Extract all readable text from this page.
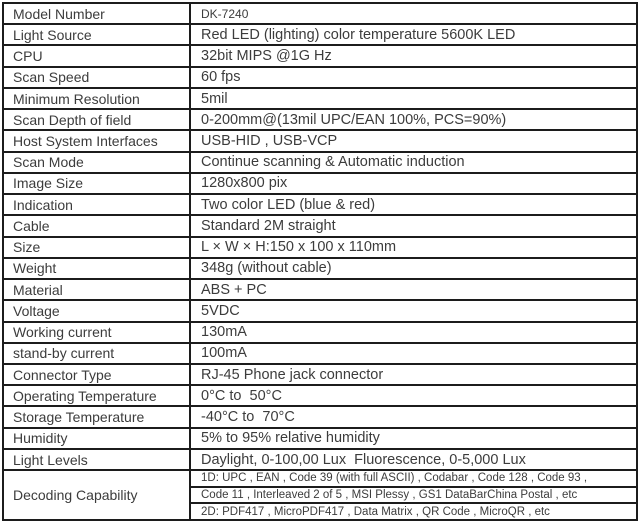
Model Number	DK-7240
Light Source	Red LED (lighting) color temperature 5600K LED
CPU	32bit MIPS @1G Hz
Scan Speed	60 fps
Minimum Resolution	5mil
Scan Depth of field	0-200mm@(13mil UPC/EAN 100%, PCS=90%)
Host System Interfaces	USB-HID , USB-VCP
Scan Mode	Continue scanning & Automatic induction
Image Size	1280x800 pix
Indication	Two color LED (blue & red)
Cable	Standard 2M straight
Size	L × W × H:150 x 100 x 110mm
Weight	348g (without cable)
Material	ABS + PC
Voltage	5VDC
Working current	130mA
stand-by current	100mA
Connector Type	RJ-45 Phone jack connector
Operating Temperature	0°C to  50°C
Storage Temperature	-40°C to  70°C
Humidity	5% to 95% relative humidity
Light Levels	Daylight, 0-100,00 Lux  Fluorescence, 0-5,000 Lux
Decoding Capability	1D: UPC , EAN , Code 39 (with full ASCII) , Codabar , Code 128 , Code 93 ,
	Code 11 , Interleaved 2 of 5 , MSI Plessy , GS1 DataBarChina Postal , etc
	2D: PDF417 , MicroPDF417 , Data Matrix , QR Code , MicroQR , etc
